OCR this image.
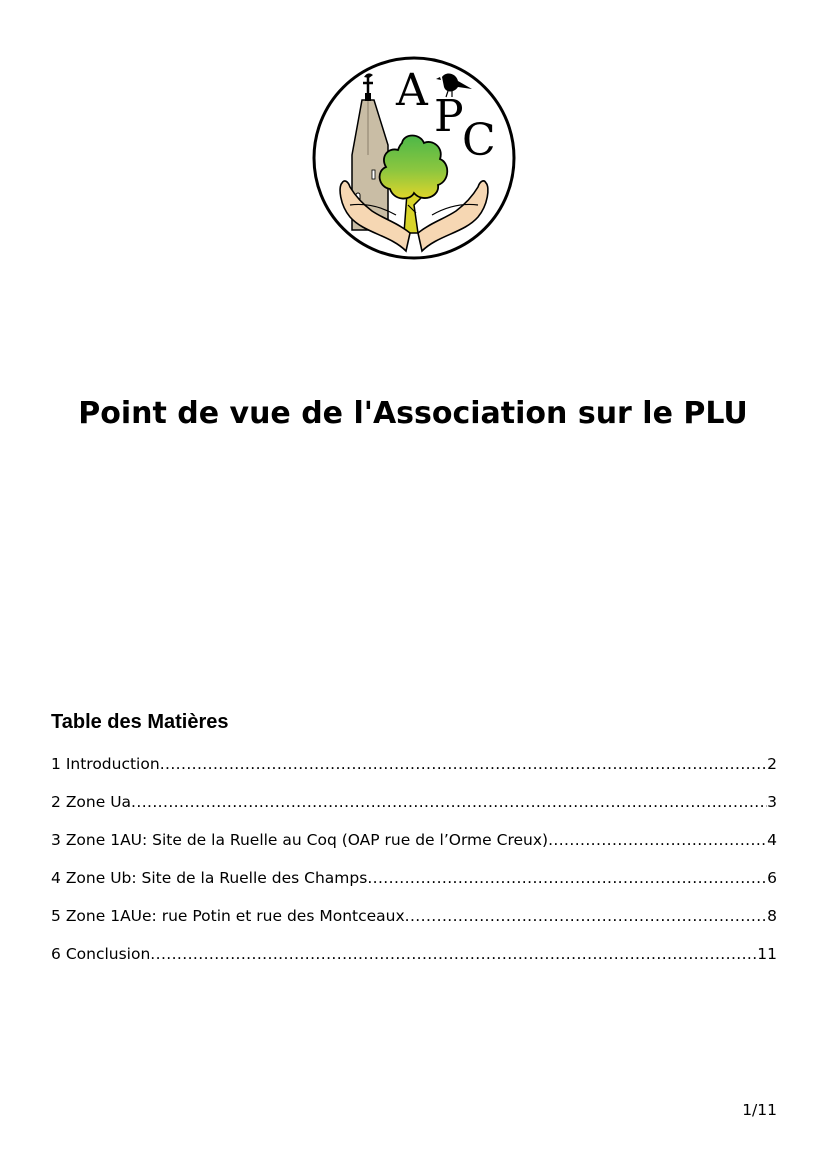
A
P
C
Point de vue de l'Association sur le PLU
Table des Matières
1 Introduction .....	2
2 Zone Ua .....	3
3 Zone 1AU: Site de la Ruelle au Coq (OAP rue de l’Orme Creux) .....	4
4 Zone Ub: Site de la Ruelle des Champs .....	6
5 Zone 1AUe: rue Potin et rue des Montceaux .....	8
6 Conclusion .....	11
1/11
